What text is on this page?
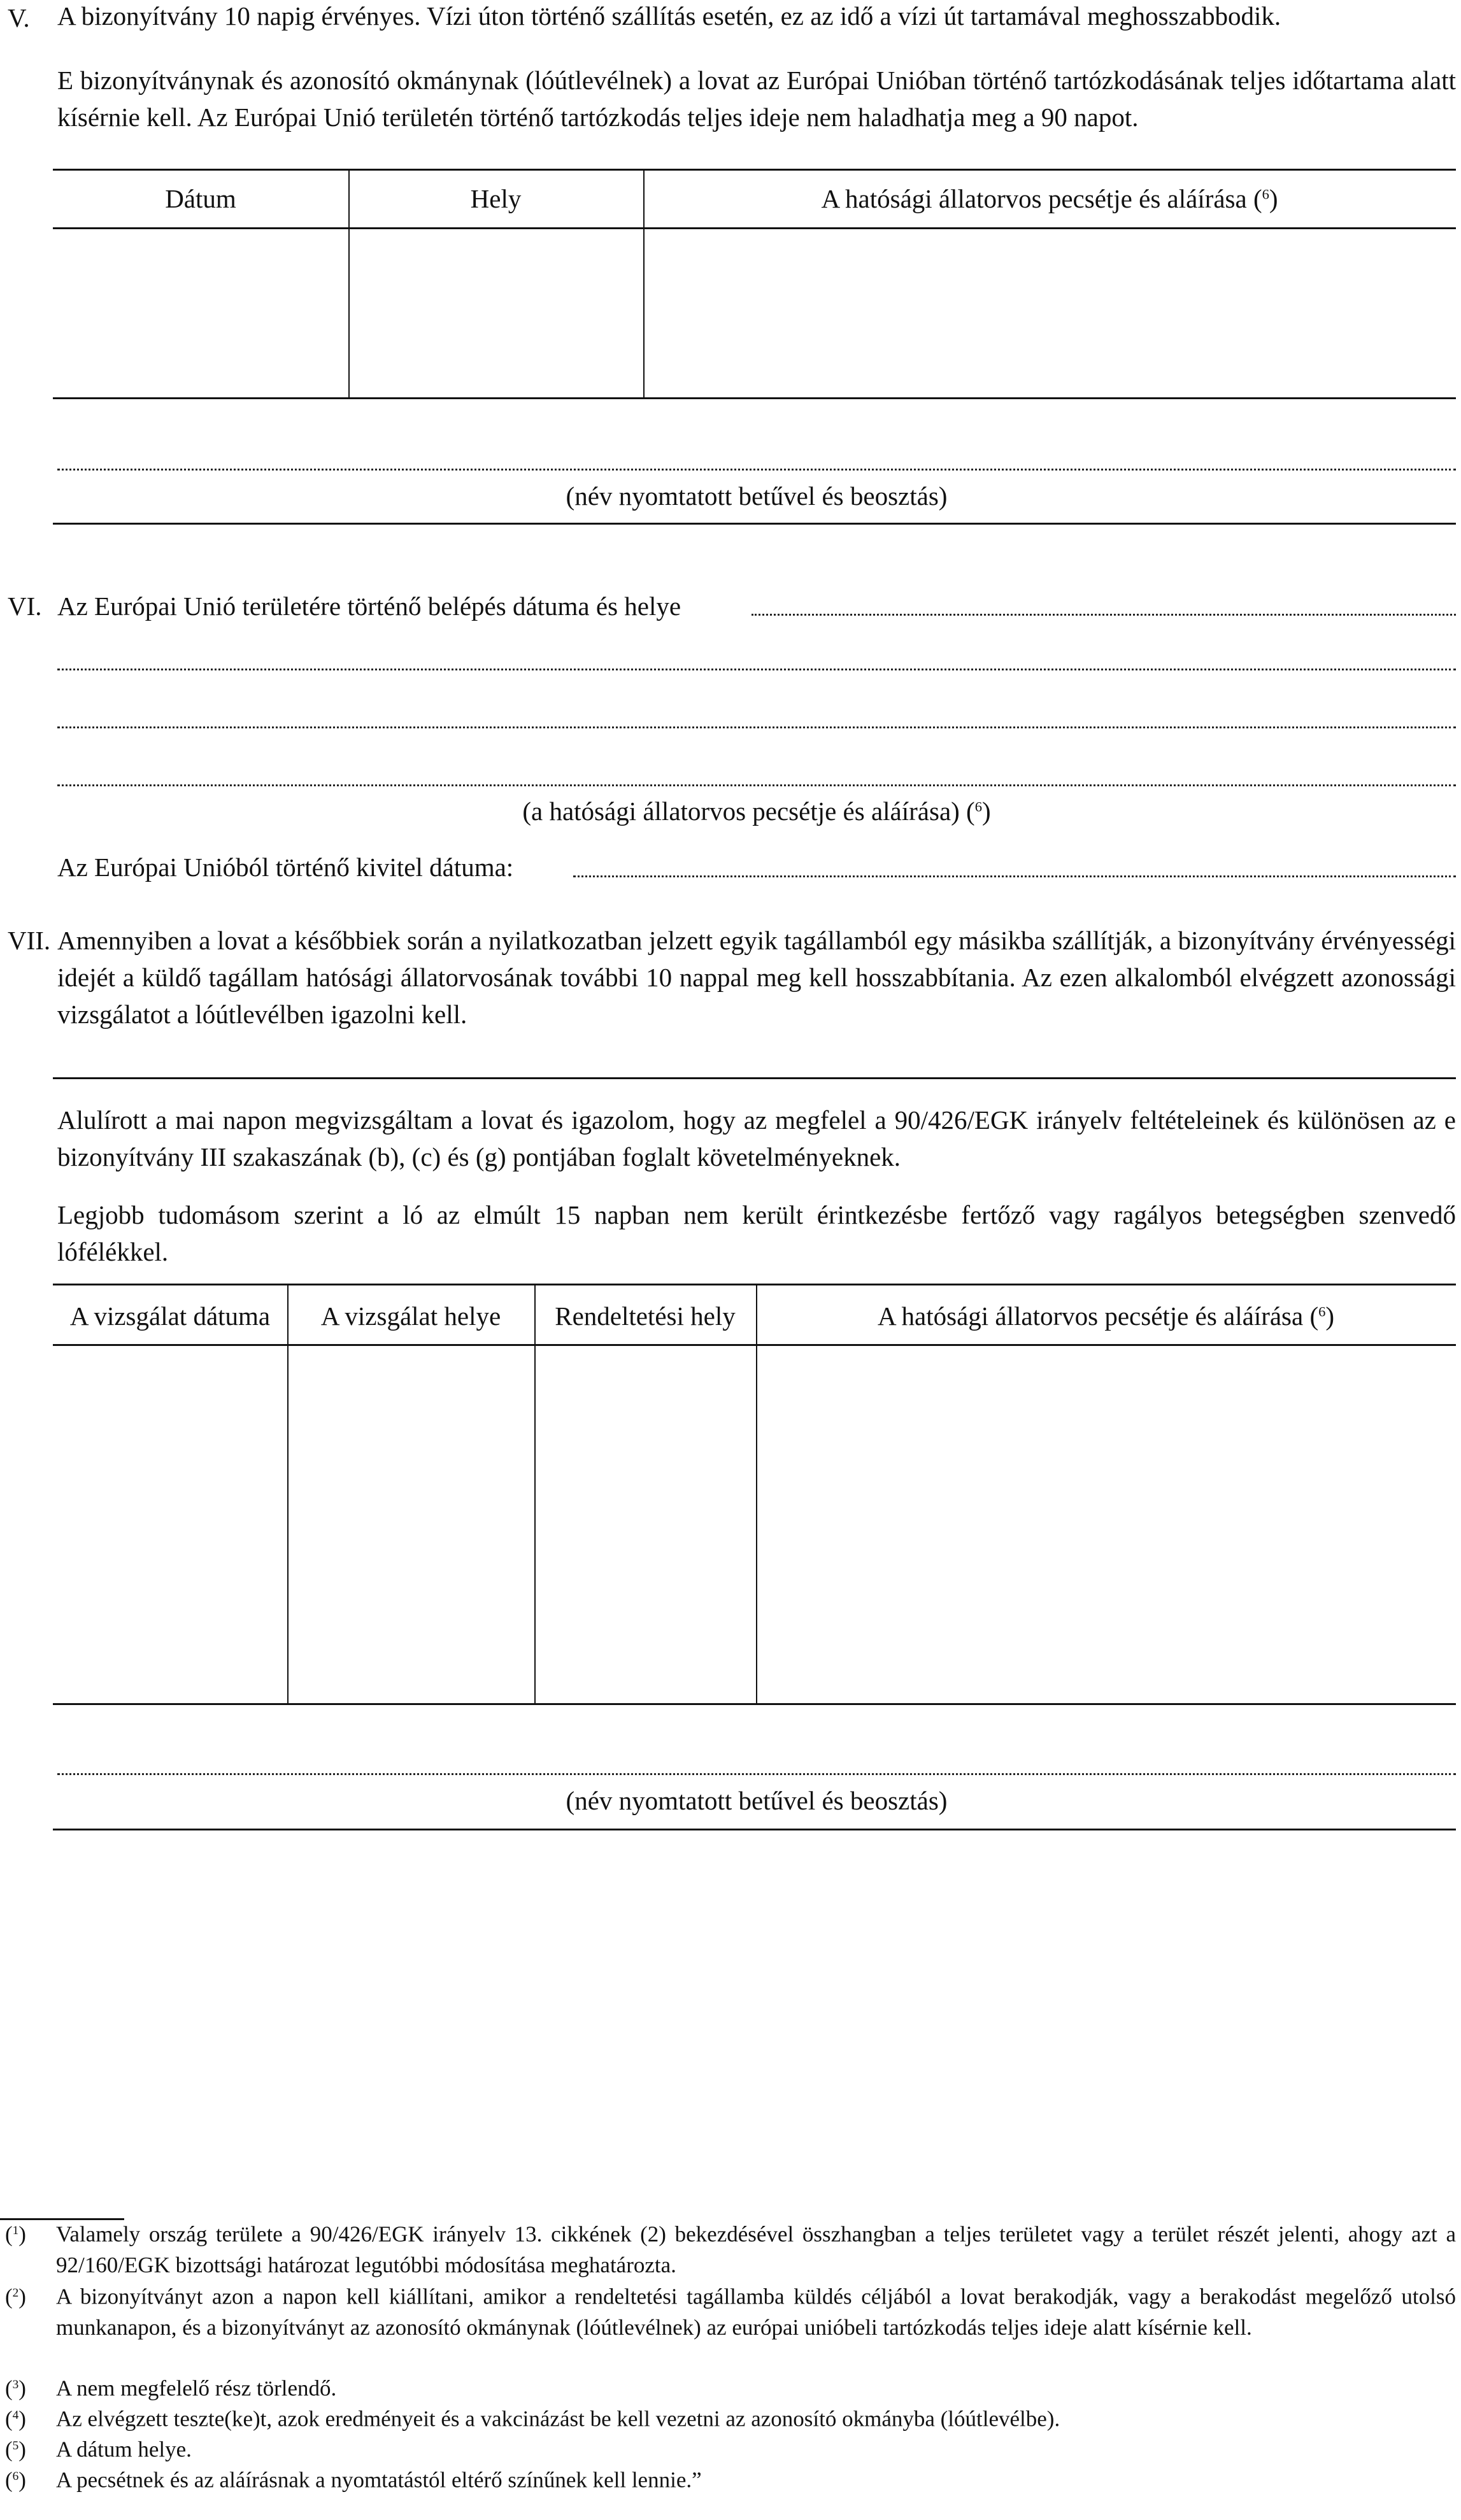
V. A bizonyítvány 10 napig érvényes. Vízi úton történő szállítás esetén, ez az idő a vízi út tartamával meghosszabbodik.
E bizonyítványnak és azonosító okmánynak (lóútlevélnek) a lovat az Európai Unióban történő tartózkodásának teljes időtartama alatt kísérnie kell. Az Európai Unió területén történő tartózkodás teljes ideje nem haladhatja meg a 90 napot.
Dátum	Hely	A hatósági állatorvos pecsétje és aláírása ($^6$)
(név nyomtatott betűvel és beosztás)
VI. Az Európai Unió területére történő belépés dátuma és helye
(a hatósági állatorvos pecsétje és aláírása) ($^6$)
Az Európai Unióból történő kivitel dátuma:
VII. Amennyiben a lovat a későbbiek során a nyilatkozatban jelzett egyik tagállamból egy másikba szállítják, a bizonyítvány érvényességi idejét a küldő tagállam hatósági állatorvosának további 10 nappal meg kell hosszabbítania. Az ezen alkalomból elvégzett azonossági vizsgálatot a lóútlevélben igazolni kell.
Alulírott a mai napon megvizsgáltam a lovat és igazolom, hogy az megfelel a 90/426/EGK irányelv feltételeinek és különösen az e bizonyítvány III szakaszának (b), (c) és (g) pontjában foglalt követelményeknek.
Legjobb tudomásom szerint a ló az elmúlt 15 napban nem került érintkezésbe fertőző vagy ragályos betegségben szenvedő lófélékkel.
A vizsgálat dátuma	A vizsgálat helye	Rendeltetési hely	A hatósági állatorvos pecsétje és aláírása ($^6$)
(név nyomtatott betűvel és beosztás)
($^1$) Valamely ország területe a 90/426/EGK irányelv 13. cikkének (2) bekezdésével összhangban a teljes területet vagy a terület részét jelenti, ahogy azt a 92/160/EGK bizottsági határozat legutóbbi módosítása meghatározta.
($^2$) A bizonyítványt azon a napon kell kiállítani, amikor a rendeltetési tagállamba küldés céljából a lovat berakodják, vagy a berakodást megelőző utolsó munkanapon, és a bizonyítványt az azonosító okmánynak (lóútlevélnek) az európai unióbeli tartózkodás teljes ideje alatt kísérnie kell.
($^3$) A nem megfelelő rész törlendő.
($^4$) Az elvégzett teszte(ke)t, azok eredményeit és a vakcinázást be kell vezetni az azonosító okmányba (lóútlevélbe).
($^5$) A dátum helye.
($^6$) A pecsétnek és az aláírásnak a nyomtatástól eltérő színűnek kell lennie.”
